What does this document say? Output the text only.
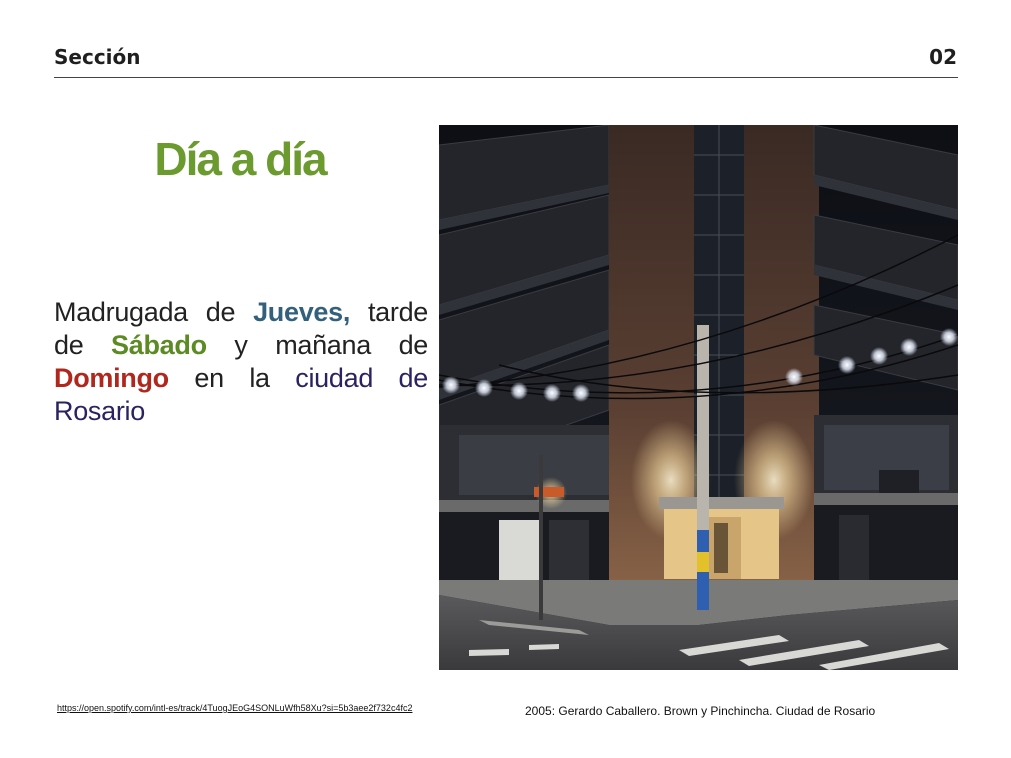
Sección	02
Día a día
Madrugada de Jueves, tarde de Sábado y mañana de Domingo en la ciudad de Rosario
https://open.spotify.com/intl-es/track/4TuogJEoG4SONLuWfh58Xu?si=5b3aee2f732c4fc2	2005: Gerardo Caballero. Brown y Pinchincha. Ciudad de Rosario
